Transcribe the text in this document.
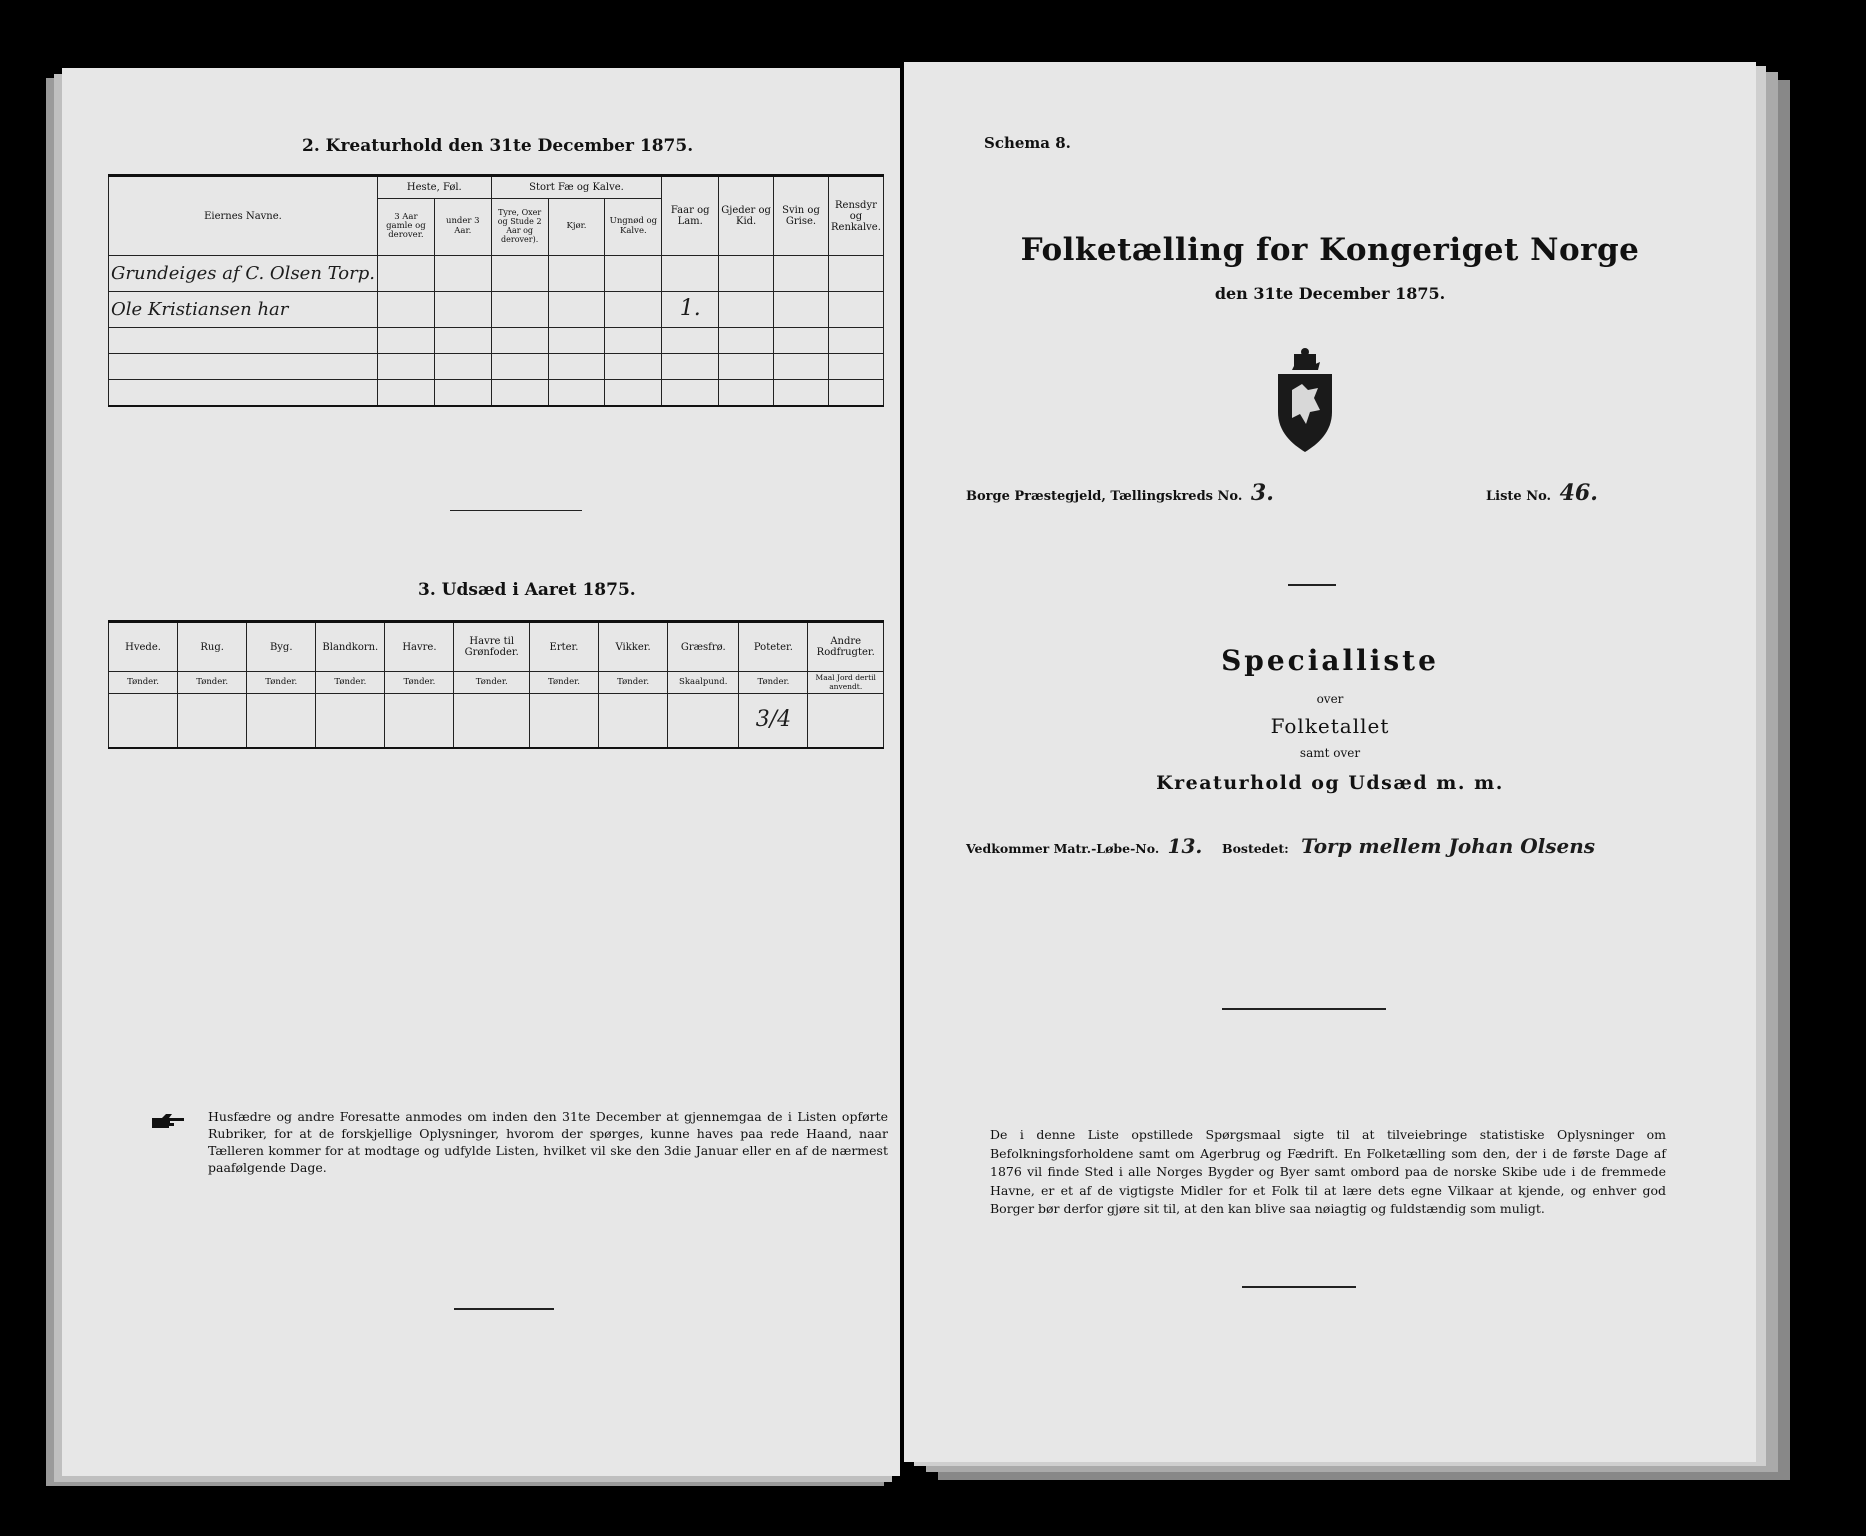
2. Kreaturhold den 31te December 1875.
Eiernes Navne.	Heste, Føl.		Stort Fæ og Kalve.			Faar og Lam.	Gjeder og Kid.	Svin og Grise.	Rensdyr og Renkalve.
	3 Aar gamle og derover.	under 3 Aar.	Tyre, Oxer og Stude 2 Aar og derover).	Kjør.	Ungnød og Kalve.				
Grundeiges af C. Olsen Torp.									
Ole Kristiansen har						1.			

3. Udsæd i Aaret 1875.
Hvede.	Rug.	Byg.	Blandkorn.	Havre.	Havre til Grønfoder.	Erter.	Vikker.	Græsfrø.	Poteter.	Andre Rodfrugter.
Tønder.	Tønder.	Tønder.	Tønder.	Tønder.	Tønder.	Tønder.	Tønder.	Skaalpund.	Tønder.	Maal Jord dertil anvendt.
									3/4	
Husfædre og andre Foresatte anmodes om inden den 31te December at gjennemgaa de i Listen opførte Rubriker, for at de forskjellige Oplysninger, hvorom der spørges, kunne haves paa rede Haand, naar Tælleren kommer for at modtage og udfylde Listen, hvilket vil ske den 3die Januar eller en af de nærmest paafølgende Dage.
Schema 8.
Folketælling for Kongeriget Norge
den 31te December 1875.
Borge Præstegjeld, Tællingskreds No. 3.	Liste No. 46.
Specialliste
over
Folketallet
samt over
Kreaturhold og Udsæd m. m.
Vedkommer Matr.-Løbe-No. 13. Bostedet: Torp mellem Johan Olsens
De i denne Liste opstillede Spørgsmaal sigte til at tilveiebringe statistiske Oplysninger om Befolkningsforholdene samt om Agerbrug og Fædrift. En Folketælling som den, der i de første Dage af 1876 vil finde Sted i alle Norges Bygder og Byer samt ombord paa de norske Skibe ude i de fremmede Havne, er et af de vigtigste Midler for et Folk til at lære dets egne Vilkaar at kjende, og enhver god Borger bør derfor gjøre sit til, at den kan blive saa nøiagtig og fuldstændig som muligt.
